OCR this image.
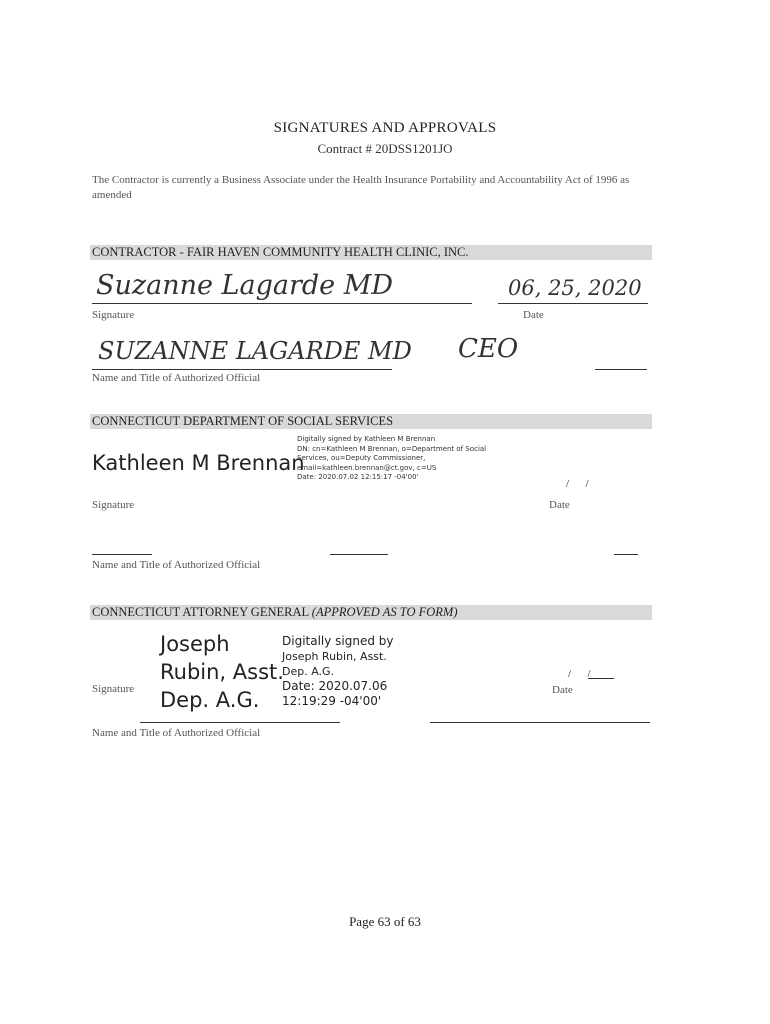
SIGNATURES AND APPROVALS
Contract # 20DSS1201JO
The Contractor is currently a Business Associate under the Health Insurance Portability and Accountability Act of 1996 as amended
CONTRACTOR - FAIR HAVEN COMMUNITY HEALTH CLINIC, INC.
Suzanne Lagarde MD	06, 25, 2020
Signature	Date
SUZANNE LAGARDE MD CEO
Name and Title of Authorized Official
CONNECTICUT DEPARTMENT OF SOCIAL SERVICES
Kathleen M Brennan
Digitally signed by Kathleen M Brennan
DN: cn=Kathleen M Brennan, o=Department of Social
Services, ou=Deputy Commissioner,
email=kathleen.brennan@ct.gov, c=US
Date: 2020.07.02 12:15:17 -04'00'
/      /
Signature	Date
Name and Title of Authorized Official
CONNECTICUT ATTORNEY GENERAL (APPROVED AS TO FORM)
Joseph
Rubin, Asst.
Dep. A.G.
Digitally signed by
Joseph Rubin, Asst.
Dep. A.G.
Date: 2020.07.06
12:19:29 -04'00'
Signature
/      /
Date
Name and Title of Authorized Official
Page 63 of 63
